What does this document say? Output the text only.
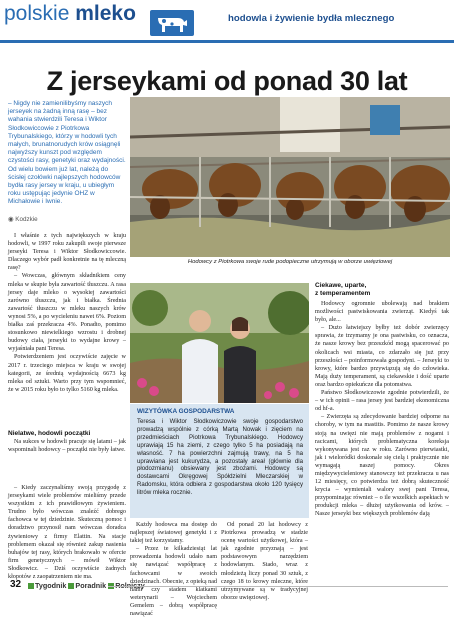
polskie mleko	hodowla i żywienie bydła mlecznego
Z jerseykami od ponad 30 lat
– Nigdy nie zamienilibyśmy naszych jerseyek na żadną inną rasę – bez wahania stwierdzili Teresa i Wiktor Słodkowiccowie z Piotrkowa Trybunalskiego, którzy w hodowli tych małych, brunatnorudych krów osiągnęli najwyższy kunszt pod względem czystości rasy, genetyki oraz wydajności. Od wielu bowiem już lat, należą do ścisłej czołówki najlepszych hodowców bydła rasy jersey w kraju, u ubiegłym roku ustępując jedynie OHZ w Michałowie i Iwnie.
◉ Kodzkie

I właśnie z tych największych w kraju hodowli, w 1997 roku zakupili swoje pierwsze jerseyki Teresa i Wiktor Słodkowiccowie. Dlaczego wybór padł konkretnie na tę mleczną rasę?

– Wowczas, głównym składnikiem ceny mleka w skupie była zawartość tłuszczu. A rasa jersey daje mleko o wysokiej zawartości zarówno tłuszczu, jak i białka. Średnia zawartość tłuszczu w mleku naszych krów wynosi 5%, a po wycieleniu nawet 6%. Poziom białka zaś przekracza 4%. Ponadto, pomimo stosunkowo niewielkiego wzrostu i drobnej budowy ciała, jerseyki to wydajne krowy – wyjaśniała pani Teresa.

Potwierdzeniem jest oczywiście zajęcie w 2017 r. trzeciego miejsca w kraju w swojej kategorii, ze średnią wydajnością 6673 kg mleka od sztuki. Warto przy tym wspomnieć, że w 2015 roku było to tylko 5160 kg mleka.

Nielatwe, hodowlі początki

Na sukces w hodowli pracuje się latami – jak wspominali hodowcy – początki nie były łatwe.

– Kiedy zaczynaliśmy swoją przygodę z jerseykami wiele problemów mieliśmy przede wszystkim z ich prawidłowym żywieniem. Trudno było wówczas znaleźć dobrego fachowca w tej dziedzinie. Skuteczną pomoc i doradztwo przynosił nam wówczas doradca żywieniowy z firmy Elattin. Na stacje problemem okazał się również zakup nasienia buhajów tej rasy, których brakowało w ofercie firm genetycznych – mówił Wiktor Słodkowicz. – Dziś oczywiście żadnych kłopotów z zaopatrzeniem nie ma.

Hodowcy z Piotrkowa swoje rude podopieczne utrzymują w oborze uwięziowej
WIZYTÓWKA GOSPODARSTWA
Teresa i Wiktor Słodkowiczowie swoje gospodarstwo prowadzą wspólnie z córką Martą Nowak i zięciem na przedmieściach Piotrkowa Trybunalskiego. Hodowcy uprawiają 15 ha ziemi, z czego tylko 5 ha posiadają na własność. 7 ha powierzchni zajmują trawy, na 5 ha uprawiana jest kukurydza, a pozostały areał (głównie dla płodozmianu) obsiewany jest zbożami. Hodowcy są dostawcami Okręgowej Spółdzielni Mleczarskiej w Radomsku, która odbiera z gospodarstwa około 120 tysięcy litrów mleka rocznie.

Każdy hodowca ma dostęp do najlepszej światowej genetyki i z takiej też korzystamy.

– Przez te kilkadziesiąt lat prowadzenia hodowli udało nam się nawiązać współpracę z fachowcami w swoich dziedzinach. Obecnie, z opieką nad nami czy stadem klatkami weterynarii – Wojciechem Gemelem – dobrą współpracę nawiązać

Od ponad 20 lat hodowcy z Piotrkowa prowadzą w stadzie ocenę wartości użytkowej, która – jak zgodnie przyznają – jest podstawowym narzędziem hodowlanym. Stado, wraz z młodzieżą liczy ponad 30 sztuk, z czego 18 to krowy mleczne, które utrzymywane są w tradycyjnej oborze uwięziowej.

Ciekawe, uparte,
z temperamentem

Hodowcy ogromnie ubolewają nad brakiem możliwości pastwiskowania zwierząt. Kiedyś tak było, ale...

– Dużo łatwiejszy byłby też dobór zwierzęcy sprawia, że trzymamy je ona pastwisku, co oznacza, że nasze krowy bez przeszkód mogą spacerować po okolicach wsi miasta, co zdarzało się już przy przeszłości – poinformowała gospodyni. – Jerseyki to krowy, które bardzo przywiązują się do człowieka. Mają duży temperament, są ciekawskie i dość uparte oraz bardzo opiekuńcze dla potomstwa.

Państwo Słodkowiczowie zgodnie potwierdzili, że – w ich opinii – rasa jersey jest bardziej ekonomiczna od hf-a.

– Zwierzęta są zdecydowanie bardziej odporne na choroby, w tym na mastitis. Pomimo że nasze krowy stoją na uwięzi nie mają problemów z nogami i racicami, których problematyczna koreksja wykonywana jest raz w roku. Zarówno pierwiastki, jak i wieloródki doskonale się cielą i praktycznie nie wymagają naszej pomocy. Okres międzywycieleniowy stanowczy też przekracza u nas 12 miesięcy, co potwierdza też dobrą skuteczność krycia – wymieniali walory swej pani Teresa, przypominając również – o ile wszelkich aspektach w produkcji mleka – dłużej użytkowania od krów. – Nasze jerseyki bez większych problemów dają

32	Tygodnik Poradnik
